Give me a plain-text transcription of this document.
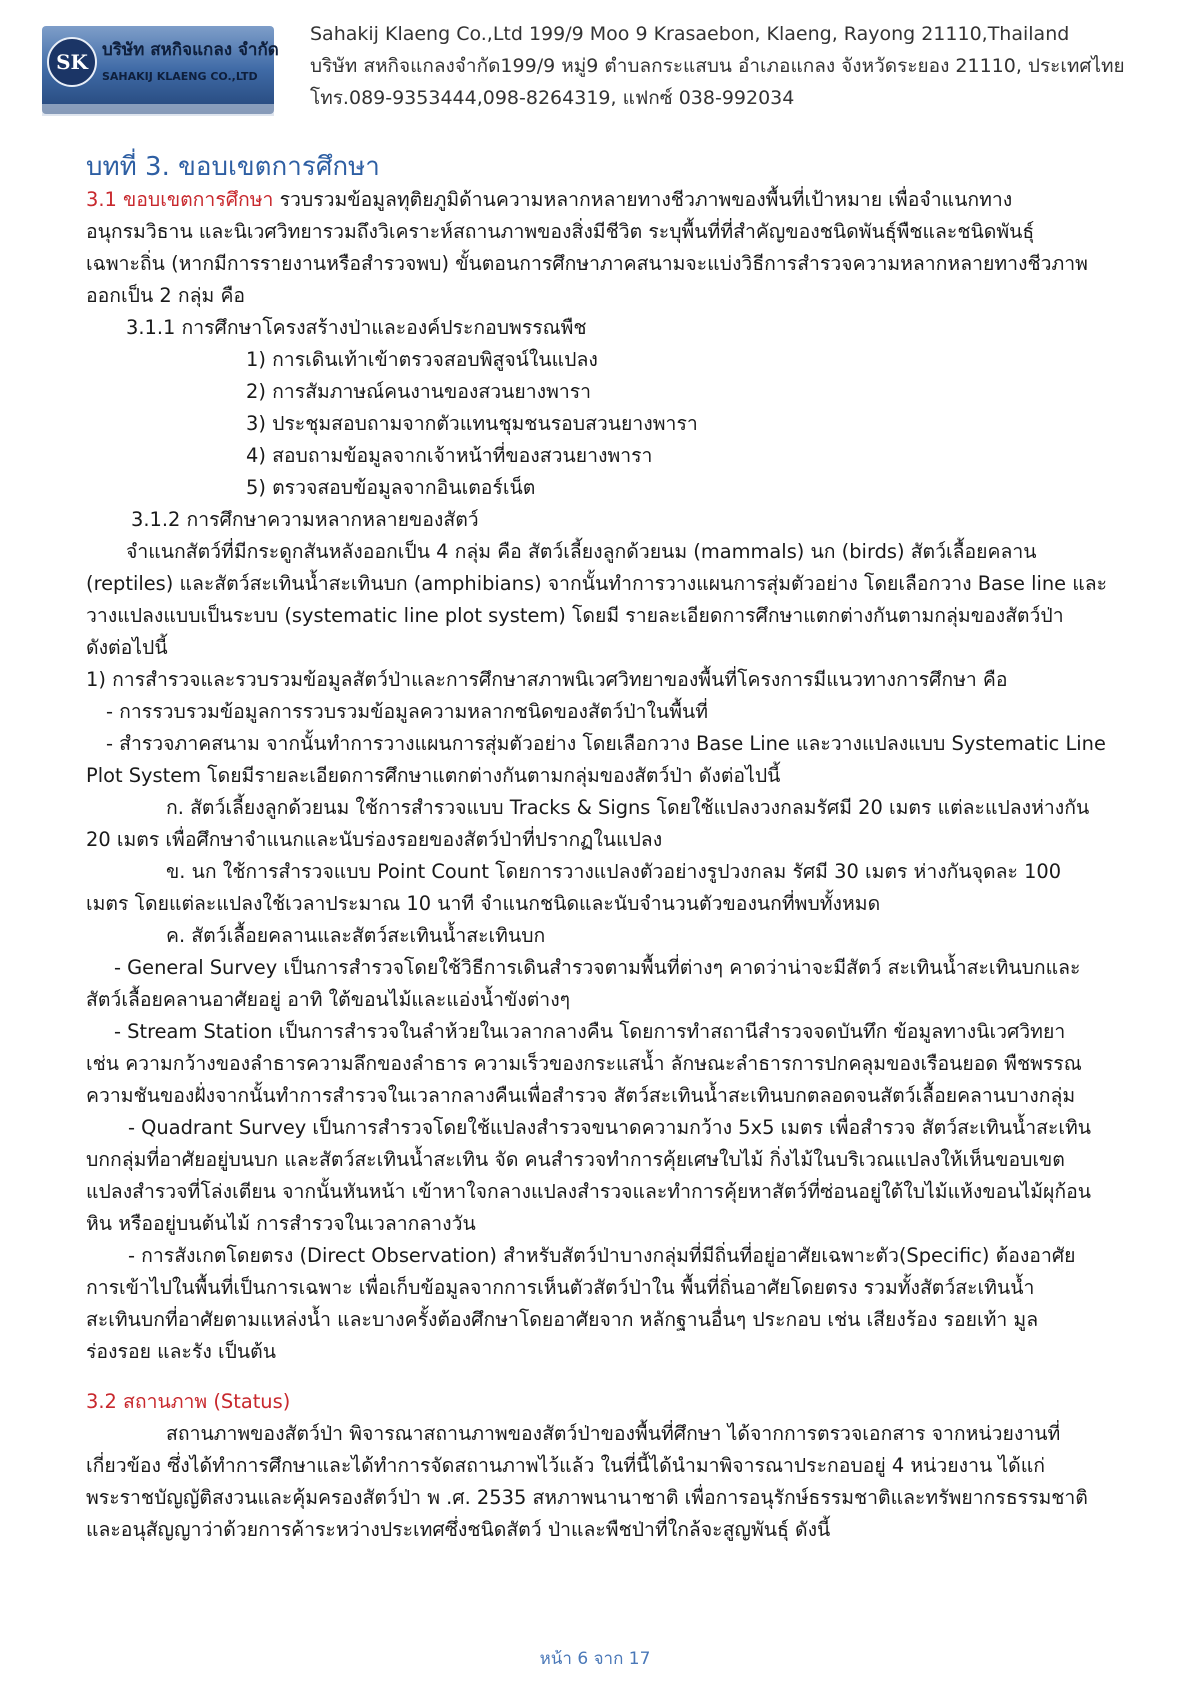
SK บริษัท สหกิจแกลง จำกัด
SAHAKIJ KLAENG CO.,LTD
Sahakij Klaeng Co.,Ltd 199/9 Moo 9 Krasaebon, Klaeng, Rayong 21110,Thailand
บริษัท สหกิจแกลงจำกัด199/9 หมู่9 ตำบลกระแสบน อำเภอแกลง จังหวัดระยอง 21110, ประเทศไทย
โทร.089-9353444,098-8264319, แฟกซ์ 038-992034

บทที่ 3. ขอบเขตการศึกษา

3.1 ขอบเขตการศึกษา รวบรวมข้อมูลทุติยภูมิด้านความหลากหลายทางชีวภาพของพื้นที่เป้าหมาย เพื่อจำแนกทาง

อนุกรมวิธาน และนิเวศวิทยารวมถึงวิเคราะห์สถานภาพของสิ่งมีชีวิต ระบุพื้นที่ที่สำคัญของชนิดพันธุ์พืชและชนิดพันธุ์

เฉพาะถิ่น (หากมีการรายงานหรือสำรวจพบ) ขั้นตอนการศึกษาภาคสนามจะแบ่งวิธีการสำรวจความหลากหลายทางชีวภาพ

ออกเป็น 2 กลุ่ม คือ

3.1.1 การศึกษาโครงสร้างป่าและองค์ประกอบพรรณพืช

1) การเดินเท้าเข้าตรวจสอบพิสูจน์ในแปลง

2) การสัมภาษณ์คนงานของสวนยางพารา

3) ประชุมสอบถามจากตัวแทนชุมชนรอบสวนยางพารา

4) สอบถามข้อมูลจากเจ้าหน้าที่ของสวนยางพารา

5) ตรวจสอบข้อมูลจากอินเตอร์เน็ต

3.1.2 การศึกษาความหลากหลายของสัตว์

จำแนกสัตว์ที่มีกระดูกสันหลังออกเป็น 4 กลุ่ม คือ สัตว์เลี้ยงลูกด้วยนม (mammals) นก (birds) สัตว์เลื้อยคลาน

(reptiles) และสัตว์สะเทินน้ำสะเทินบก (amphibians) จากนั้นทำการวางแผนการสุ่มตัวอย่าง โดยเลือกวาง Base line และ

วางแปลงแบบเป็นระบบ (systematic line plot system) โดยมี รายละเอียดการศึกษาแตกต่างกันตามกลุ่มของสัตว์ป่า

ดังต่อไปนี้

1) การสำรวจและรวบรวมข้อมูลสัตว์ป่าและการศึกษาสภาพนิเวศวิทยาของพื้นที่โครงการมีแนวทางการศึกษา คือ

- การรวบรวมข้อมูลการรวบรวมข้อมูลความหลากชนิดของสัตว์ป่าในพื้นที่

- สำรวจภาคสนาม จากนั้นทำการวางแผนการสุ่มตัวอย่าง โดยเลือกวาง Base Line และวางแปลงแบบ Systematic Line

Plot System โดยมีรายละเอียดการศึกษาแตกต่างกันตามกลุ่มของสัตว์ป่า ดังต่อไปนี้

ก. สัตว์เลี้ยงลูกด้วยนม ใช้การสำรวจแบบ Tracks & Signs โดยใช้แปลงวงกลมรัศมี 20 เมตร แต่ละแปลงห่างกัน

20 เมตร เพื่อศึกษาจำแนกและนับร่องรอยของสัตว์ป่าที่ปรากฏในแปลง

ข. นก ใช้การสำรวจแบบ Point Count โดยการวางแปลงตัวอย่างรูปวงกลม รัศมี 30 เมตร ห่างกันจุดละ 100

เมตร โดยแต่ละแปลงใช้เวลาประมาณ 10 นาที จำแนกชนิดและนับจำนวนตัวของนกที่พบทั้งหมด

ค. สัตว์เลื้อยคลานและสัตว์สะเทินน้ำสะเทินบก

- General Survey เป็นการสำรวจโดยใช้วิธีการเดินสำรวจตามพื้นที่ต่างๆ คาดว่าน่าจะมีสัตว์ สะเทินน้ำสะเทินบกและ

สัตว์เลื้อยคลานอาศัยอยู่ อาทิ ใต้ขอนไม้และแอ่งน้ำขังต่างๆ

- Stream Station เป็นการสำรวจในลำห้วยในเวลากลางคืน โดยการทำสถานีสำรวจจดบันทึก ข้อมูลทางนิเวศวิทยา

เช่น ความกว้างของลำธารความลึกของลำธาร ความเร็วของกระแสน้ำ ลักษณะลำธารการปกคลุมของเรือนยอด พืชพรรณ

ความชันของฝั่งจากนั้นทำการสำรวจในเวลากลางคืนเพื่อสำรวจ สัตว์สะเทินน้ำสะเทินบกตลอดจนสัตว์เลื้อยคลานบางกลุ่ม

- Quadrant Survey เป็นการสำรวจโดยใช้แปลงสำรวจขนาดความกว้าง 5x5 เมตร เพื่อสำรวจ สัตว์สะเทินน้ำสะเทิน

บกกลุ่มที่อาศัยอยู่บนบก และสัตว์สะเทินน้ำสะเทิน จัด คนสำรวจทำการคุ้ยเศษใบไม้ กิ่งไม้ในบริเวณแปลงให้เห็นขอบเขต

แปลงสำรวจที่โล่งเตียน จากนั้นหันหน้า เข้าหาใจกลางแปลงสำรวจและทำการคุ้ยหาสัตว์ที่ซ่อนอยู่ใต้ใบไม้แห้งขอนไม้ผุก้อน

หิน หรืออยู่บนต้นไม้ การสำรวจในเวลากลางวัน

- การสังเกตโดยตรง (Direct Observation) สำหรับสัตว์ป่าบางกลุ่มที่มีถิ่นที่อยู่อาศัยเฉพาะตัว(Specific) ต้องอาศัย

การเข้าไปในพื้นที่เป็นการเฉพาะ เพื่อเก็บข้อมูลจากการเห็นตัวสัตว์ป่าใน พื้นที่ถิ่นอาศัยโดยตรง รวมทั้งสัตว์สะเทินน้ำ

สะเทินบกที่อาศัยตามแหล่งน้ำ และบางครั้งต้องศึกษาโดยอาศัยจาก หลักฐานอื่นๆ ประกอบ เช่น เสียงร้อง รอยเท้า มูล

ร่องรอย และรัง เป็นต้น

3.2 สถานภาพ (Status)

สถานภาพของสัตว์ป่า พิจารณาสถานภาพของสัตว์ป่าของพื้นที่ศึกษา ได้จากการตรวจเอกสาร จากหน่วยงานที่

เกี่ยวข้อง ซึ่งได้ทำการศึกษาและได้ทำการจัดสถานภาพไว้แล้ว ในที่นี้ได้นำมาพิจารณาประกอบอยู่ 4 หน่วยงาน ได้แก่

พระราชบัญญัติสงวนและคุ้มครองสัตว์ป่า พ .ศ. 2535 สหภาพนานาชาติ เพื่อการอนุรักษ์ธรรมชาติและทรัพยากรธรรมชาติ

และอนุสัญญาว่าด้วยการค้าระหว่างประเทศซึ่งชนิดสัตว์ ป่าและพืชป่าที่ใกล้จะสูญพันธุ์ ดังนี้

หน้า 6 จาก 17
